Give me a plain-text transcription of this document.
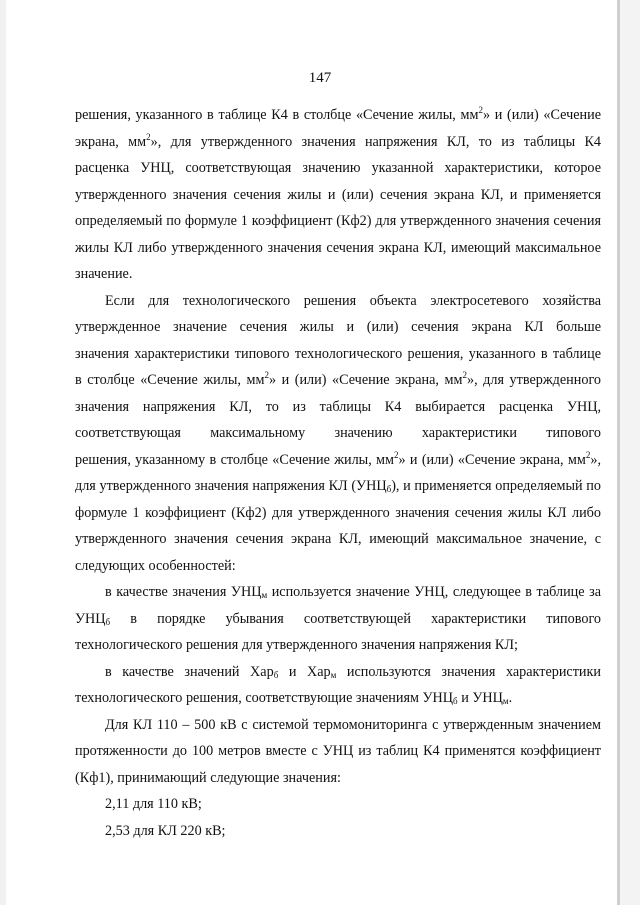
147
решения, указанного в таблице К4 в столбце «Сечение жилы, $мм^2$» и (или) «Сечение
экрана, $мм^2$», для утвержденного значения напряжения КЛ, то из таблицы К4
расценка УНЦ, соответствующая значению указанной характеристики, которое
утвержденного значения сечения жилы и (или) сечения экрана КЛ, и применяется
определяемый по формуле 1 коэффициент (Кф2) для утвержденного значения сечения
жилы КЛ либо утвержденного значения сечения экрана КЛ, имеющий максимальное
значение.
Если для технологического решения объекта электросетевого хозяйства
утвержденное значение сечения жилы и (или) сечения экрана КЛ больше
значения характеристики типового технологического решения, указанного в таблице
в столбце «Сечение жилы, $мм^2$» и (или) «Сечение экрана, $мм^2$», для утвержденного
значения напряжения КЛ, то из таблицы К4 выбирается расценка УНЦ,
соответствующая максимальному значению характеристики типового
решения, указанному в столбце «Сечение жилы, $мм^2$» и (или) «Сечение экрана, $мм^2$»,
для утвержденного значения напряжения КЛ $(УНЦ_б)$, и применяется определяемый по
формуле 1 коэффициент (Кф2) для утвержденного значения сечения жилы КЛ либо
утвержденного значения сечения экрана КЛ, имеющий максимальное значение, с
следующих особенностей:
в качестве значения $УНЦ_м$ используется значение УНЦ, следующее в таблице за
$УНЦ_б$ в порядке убывания соответствующей характеристики типового
технологического решения для утвержденного значения напряжения КЛ;
в качестве значений Хар$_б$ и Хар$_м$ используются значения характеристики
технологического решения, соответствующие значениям $УНЦ_б$ и $УНЦ_м$.
Для КЛ 110 – 500 кВ с системой термомониторинга с утвержденным значением
протяженности до 100 метров вместе с УНЦ из таблиц К4 применятся коэффициент
(Кф1), принимающий следующие значения:
2,11 для 110 кВ;
2,53 для КЛ 220 кВ;
